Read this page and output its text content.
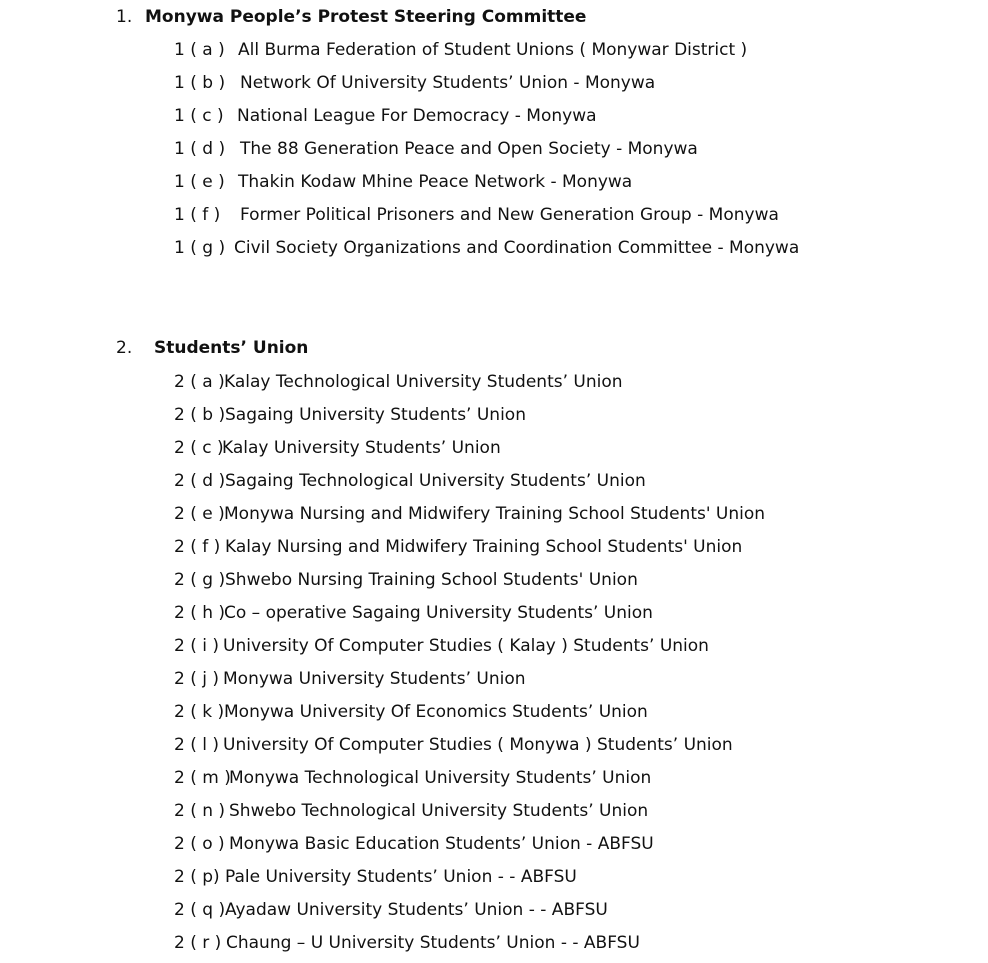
1. Monywa People’s Protest Steering Committee
1 ( a ) All Burma Federation of Student Unions ( Monywar District )
1 ( b ) Network Of University Students’ Union - Monywa
1 ( c ) National League For Democracy - Monywa
1 ( d ) The 88 Generation Peace and Open Society - Monywa
1 ( e ) Thakin Kodaw Mhine Peace Network - Monywa
1 ( f ) Former Political Prisoners and New Generation Group - Monywa
1 ( g ) Civil Society Organizations and Coordination Committee - Monywa
2. Students’ Union
2 ( a )Kalay Technological University Students’ Union
2 ( b )Sagaing University Students’ Union
2 ( c )Kalay University Students’ Union
2 ( d )Sagaing Technological University Students’ Union
2 ( e )Monywa Nursing and Midwifery Training School Students' Union
2 ( f ) Kalay Nursing and Midwifery Training School Students' Union
2 ( g )Shwebo Nursing Training School Students' Union
2 ( h )Co – operative Sagaing University Students’ Union
2 ( i ) University Of Computer Studies ( Kalay ) Students’ Union
2 ( j ) Monywa University Students’ Union
2 ( k )Monywa University Of Economics Students’ Union
2 ( l ) University Of Computer Studies ( Monywa ) Students’ Union
2 ( m )Monywa Technological University Students’ Union
2 ( n ) Shwebo Technological University Students’ Union
2 ( o ) Monywa Basic Education Students’ Union - ABFSU
2 ( p) Pale University Students’ Union - - ABFSU
2 ( q )Ayadaw University Students’ Union - - ABFSU
2 ( r ) Chaung – U University Students’ Union - - ABFSU
